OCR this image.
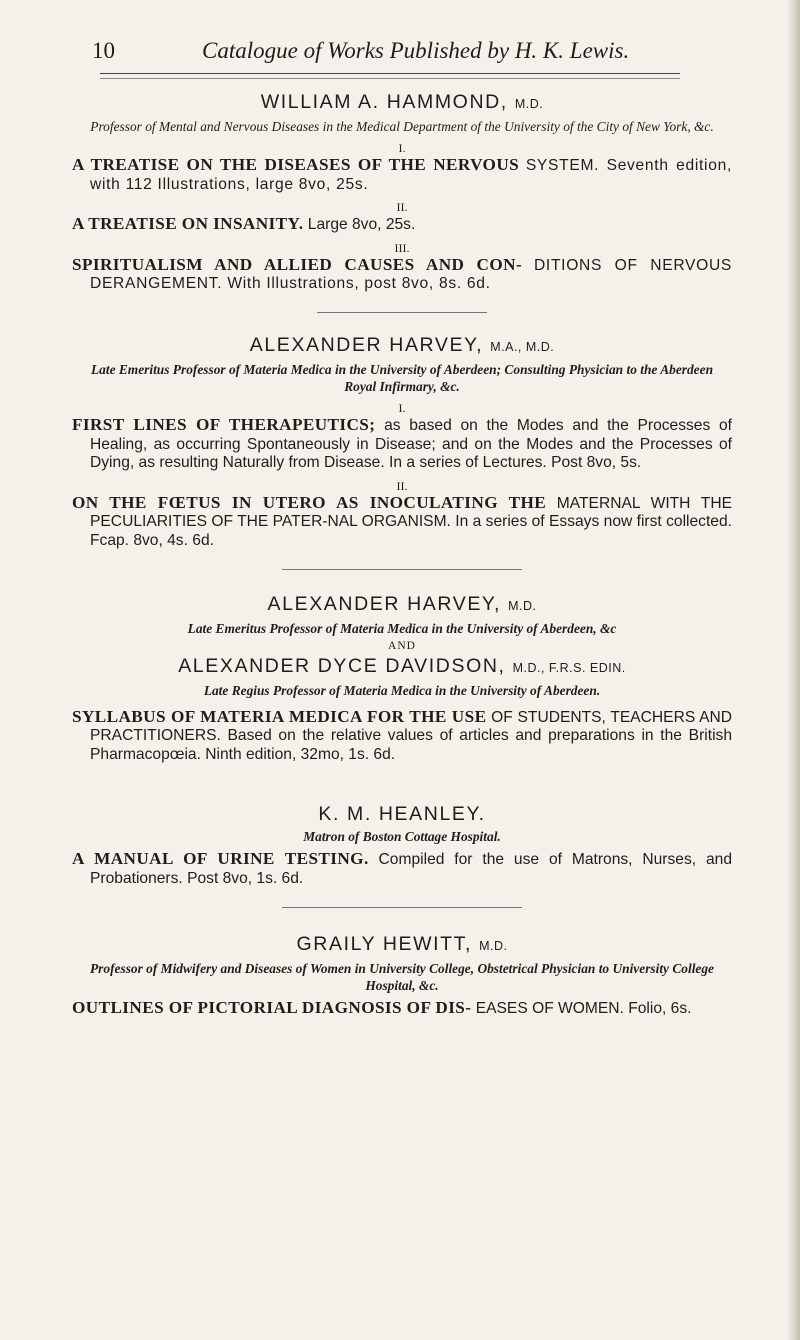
10	Catalogue of Works Published by H. K. Lewis.
WILLIAM A. HAMMOND, M.D.
Professor of Mental and Nervous Diseases in the Medical Department of the University of the City of New York, &c.
I.
A TREATISE ON THE DISEASES OF THE NERVOUS SYSTEM. Seventh edition, with 112 Illustrations, large 8vo, 25s.
II.
A TREATISE ON INSANITY. Large 8vo, 25s.
III.
SPIRITUALISM AND ALLIED CAUSES AND CON- DITIONS OF NERVOUS DERANGEMENT. With Illustrations, post 8vo, 8s. 6d.
ALEXANDER HARVEY, M.A., M.D.
Late Emeritus Professor of Materia Medica in the University of Aberdeen; Consulting Physician to the Aberdeen Royal Infirmary, &c.
I.
FIRST LINES OF THERAPEUTICS; as based on the Modes and the Processes of Healing, as occurring Spontaneously in Disease; and on the Modes and the Processes of Dying, as resulting Naturally from Disease. In a series of Lectures. Post 8vo, 5s.
II.
ON THE FŒTUS IN UTERO AS INOCULATING THE MATERNAL WITH THE PECULIARITIES OF THE PATER-NAL ORGANISM. In a series of Essays now first collected. Fcap. 8vo, 4s. 6d.
ALEXANDER HARVEY, M.D.
Late Emeritus Professor of Materia Medica in the University of Aberdeen, &c
AND
ALEXANDER DYCE DAVIDSON, M.D., F.R.S. EDIN.
Late Regius Professor of Materia Medica in the University of Aberdeen.
SYLLABUS OF MATERIA MEDICA FOR THE USE OF STUDENTS, TEACHERS AND PRACTITIONERS. Based on the relative values of articles and preparations in the British Pharmacopœia. Ninth edition, 32mo, 1s. 6d.
K. M. HEANLEY.
Matron of Boston Cottage Hospital.
A MANUAL OF URINE TESTING. Compiled for the use of Matrons, Nurses, and Probationers. Post 8vo, 1s. 6d.
GRAILY HEWITT, M.D.
Professor of Midwifery and Diseases of Women in University College, Obstetrical Physician to University College Hospital, &c.
OUTLINES OF PICTORIAL DIAGNOSIS OF DIS- EASES OF WOMEN. Folio, 6s.
